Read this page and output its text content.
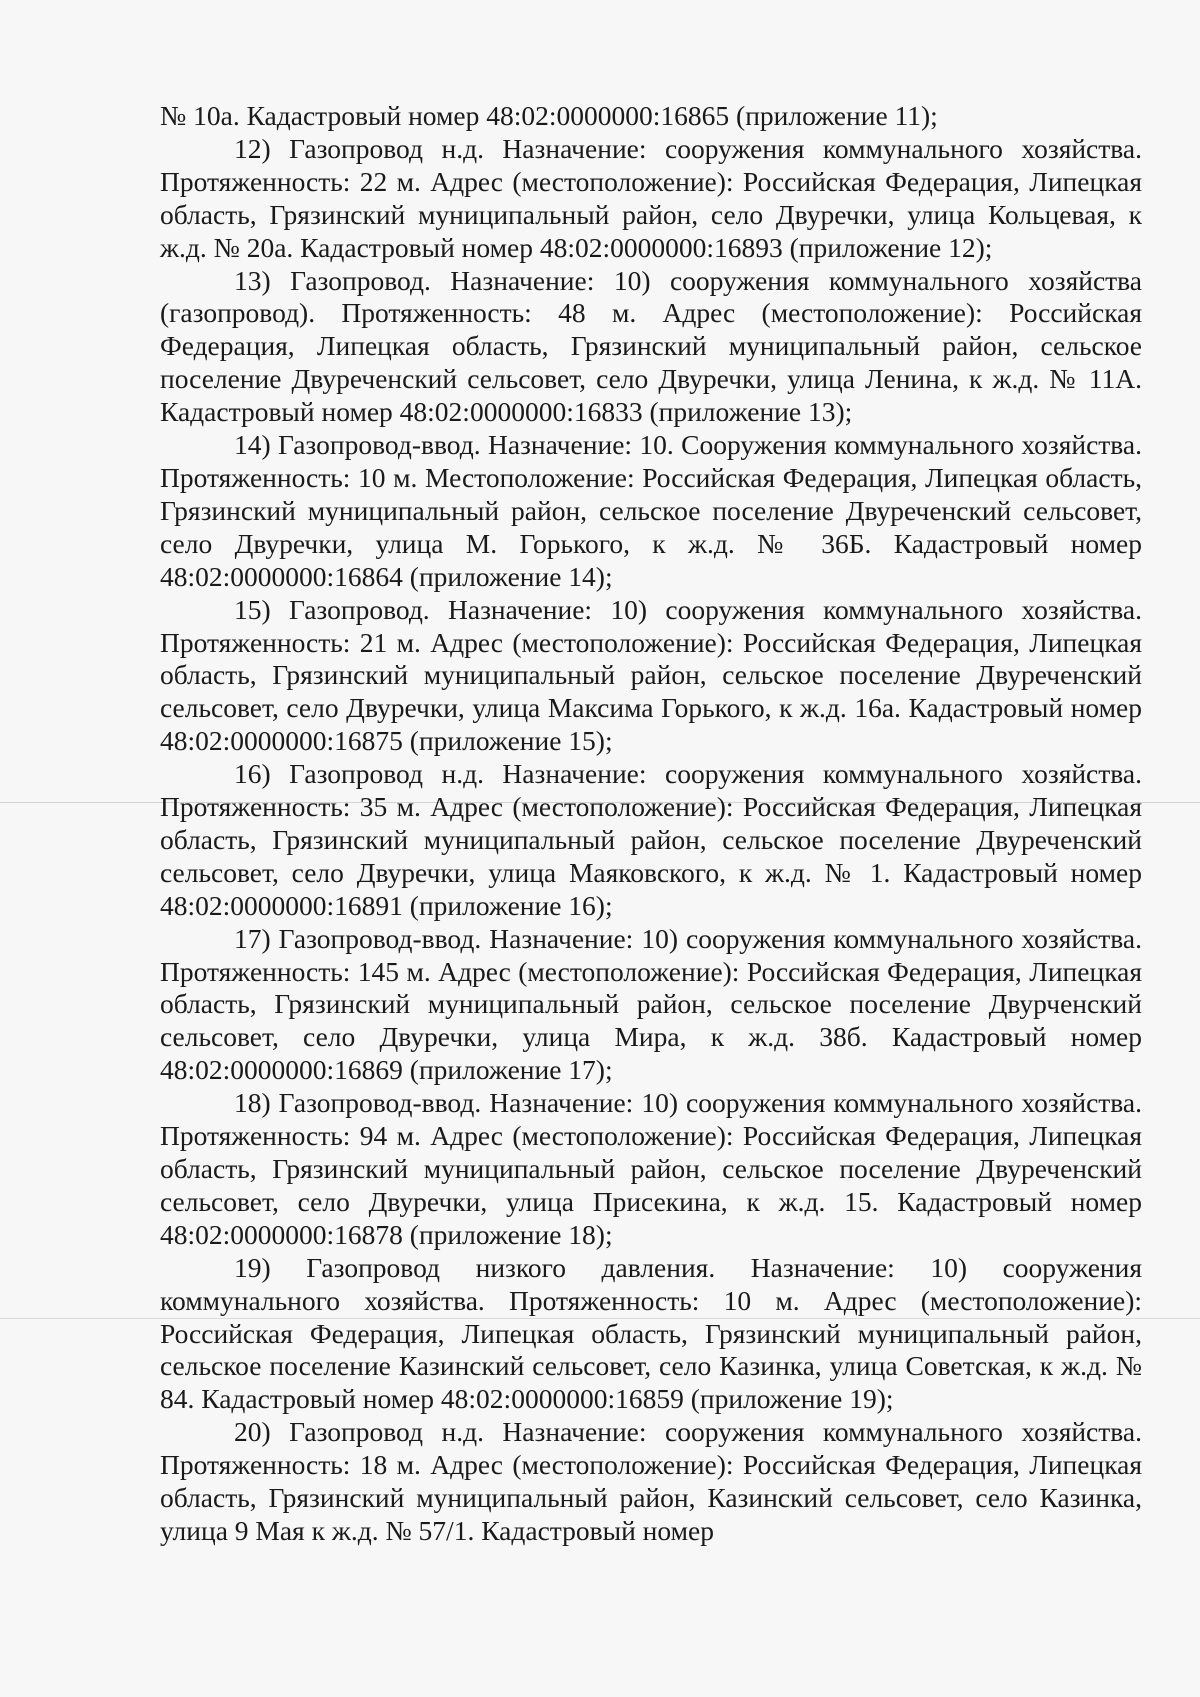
№ 10а. Кадастровый номер 48:02:0000000:16865 (приложение 11);

12) Газопровод н.д. Назначение: сооружения коммунального хозяйства. Протяженность: 22 м. Адрес (местоположение): Российская Федерация, Липецкая область, Грязинский муниципальный район, село Двуречки, улица Кольцевая, к ж.д. № 20а. Кадастровый номер 48:02:0000000:16893 (приложение 12);

13) Газопровод. Назначение: 10) сооружения коммунального хозяйства (газопровод). Протяженность: 48 м. Адрес (местоположение): Российская Федерация, Липецкая область, Грязинский муниципальный район, сельское поселение Двуреченский сельсовет, село Двуречки, улица Ленина, к ж.д. № 11А. Кадастровый номер 48:02:0000000:16833 (приложение 13);

14) Газопровод-ввод. Назначение: 10. Сооружения коммунального хозяйства. Протяженность: 10 м. Местоположение: Российская Федерация, Липецкая область, Грязинский муниципальный район, сельское поселение Двуреченский сельсовет, село Двуречки, улица М. Горького, к ж.д. № 36Б. Кадастровый номер 48:02:0000000:16864 (приложение 14);

15) Газопровод. Назначение: 10) сооружения коммунального хозяйства. Протяженность: 21 м. Адрес (местоположение): Российская Федерация, Липецкая область, Грязинский муниципальный район, сельское поселение Двуреченский сельсовет, село Двуречки, улица Максима Горького, к ж.д. 16а. Кадастровый номер 48:02:0000000:16875 (приложение 15);

16) Газопровод н.д. Назначение: сооружения коммунального хозяйства. Протяженность: 35 м. Адрес (местоположение): Российская Федерация, Липецкая область, Грязинский муниципальный район, сельское поселение Двуреченский сельсовет, село Двуречки, улица Маяковского, к ж.д. № 1. Кадастровый номер 48:02:0000000:16891 (приложение 16);

17) Газопровод-ввод. Назначение: 10) сооружения коммунального хозяйства. Протяженность: 145 м. Адрес (местоположение): Российская Федерация, Липецкая область, Грязинский муниципальный район, сельское поселение Двурченский сельсовет, село Двуречки, улица Мира, к ж.д. 38б. Кадастровый номер 48:02:0000000:16869 (приложение 17);

18) Газопровод-ввод. Назначение: 10) сооружения коммунального хозяйства. Протяженность: 94 м. Адрес (местоположение): Российская Федерация, Липецкая область, Грязинский муниципальный район, сельское поселение Двуреченский сельсовет, село Двуречки, улица Присекина, к ж.д. 15. Кадастровый номер 48:02:0000000:16878 (приложение 18);

19) Газопровод низкого давления. Назначение: 10) сооружения коммунального хозяйства. Протяженность: 10 м. Адрес (местоположение): Российская Федерация, Липецкая область, Грязинский муниципальный район, сельское поселение Казинский сельсовет, село Казинка, улица Советская, к ж.д. № 84. Кадастровый номер 48:02:0000000:16859 (приложение 19);

20) Газопровод н.д. Назначение: сооружения коммунального хозяйства. Протяженность: 18 м. Адрес (местоположение): Российская Федерация, Липецкая область, Грязинский муниципальный район, Казинский сельсовет, село Казинка, улица 9 Мая к ж.д. № 57/1. Кадастровый номер
